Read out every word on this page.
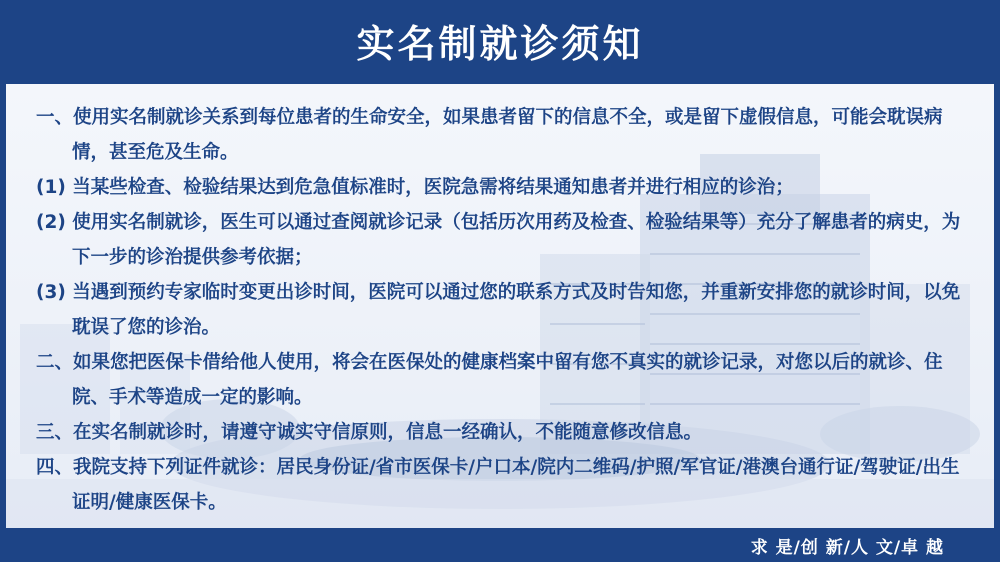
实名制就诊须知

一、使用实名制就诊关系到每位患者的生命安全，如果患者留下的信息不全，或是留下虚假信息，可能会耽误病情，甚至危及生命。

(1) 当某些检查、检验结果达到危急值标准时，医院急需将结果通知患者并进行相应的诊治；

(2) 使用实名制就诊，医生可以通过查阅就诊记录（包括历次用药及检查、检验结果等）充分了解患者的病史，为下一步的诊治提供参考依据；

(3) 当遇到预约专家临时变更出诊时间，医院可以通过您的联系方式及时告知您，并重新安排您的就诊时间，以免耽误了您的诊治。

二、如果您把医保卡借给他人使用，将会在医保处的健康档案中留有您不真实的就诊记录，对您以后的就诊、住院、手术等造成一定的影响。

三、在实名制就诊时，请遵守诚实守信原则，信息一经确认，不能随意修改信息。

四、我院支持下列证件就诊：居民身份证/省市医保卡/户口本/院内二维码/护照/军官证/港澳台通行证/驾驶证/出生证明/健康医保卡。

求 是/创 新/人 文/卓 越
